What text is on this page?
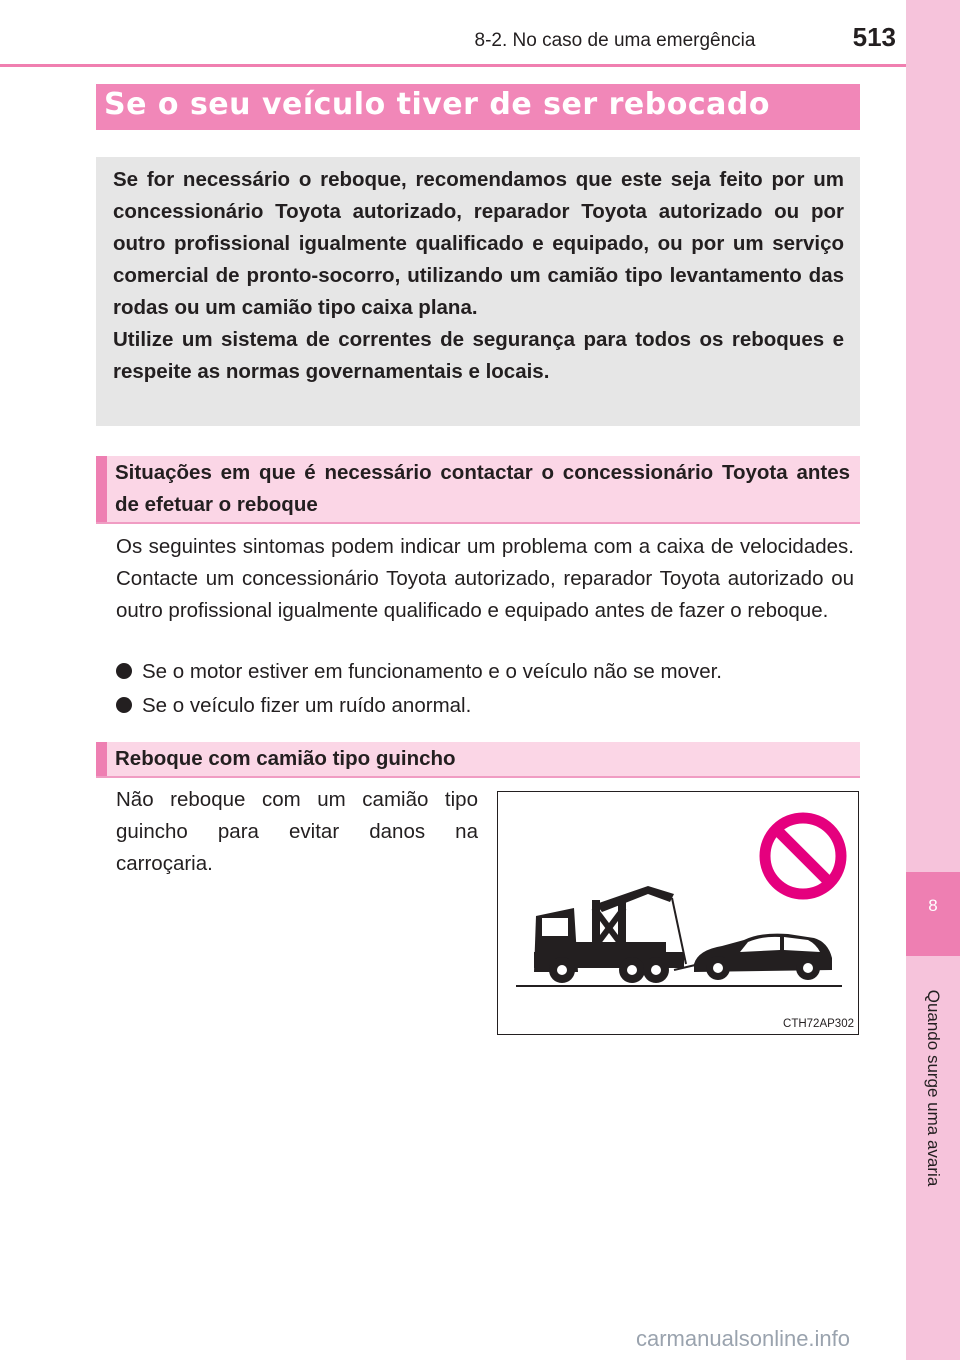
8-2. No caso de uma emergência	513
8
Quando surge uma avaria
Se o seu veículo tiver de ser rebocado

Se for necessário o reboque, recomendamos que este seja feito por um concessionário Toyota autorizado, reparador Toyota autorizado ou por outro profissional igualmente qualificado e equipado, ou por um serviço comercial de pronto-socorro, utilizando um camião tipo levantamento das rodas ou um camião tipo caixa plana.

Utilize um sistema de correntes de segurança para todos os reboques e respeite as normas governamentais e locais.

Situações em que é necessário contactar o concessionário Toyota antes de efetuar o reboque
Os seguintes sintomas podem indicar um problema com a caixa de velocidades. Contacte um concessionário Toyota autorizado, reparador Toyota autorizado ou outro profissional igualmente qualificado e equipado antes de fazer o reboque.
Se o motor estiver em funcionamento e o veículo não se mover.
Se o veículo fizer um ruído anormal.
Reboque com camião tipo guincho
Não reboque com um camião tipo guincho para evitar danos na carroçaria.
CTH72AP302
carmanualsonline.info
